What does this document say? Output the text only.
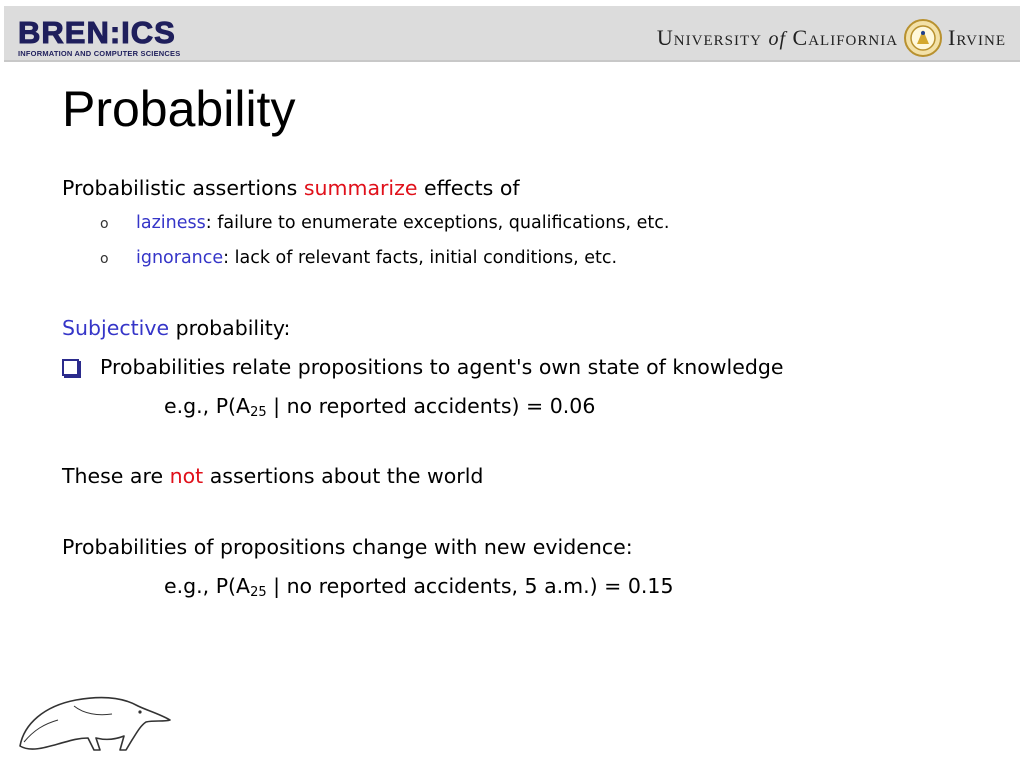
BREN:ICS
INFORMATION AND COMPUTER SCIENCES
University of California Irvine
Probability

Probabilistic assertions summarize effects of

o laziness: failure to enumerate exceptions, qualifications, etc.

o ignorance: lack of relevant facts, initial conditions, etc.

Subjective probability:

Probabilities relate propositions to agent's own state of knowledge

e.g., $P(A_{25}$ | no reported accidents) = 0.06

These are not assertions about the world

Probabilities of propositions change with new evidence:

e.g., $P(A_{25}$ | no reported accidents, 5 a.m.) = 0.15
